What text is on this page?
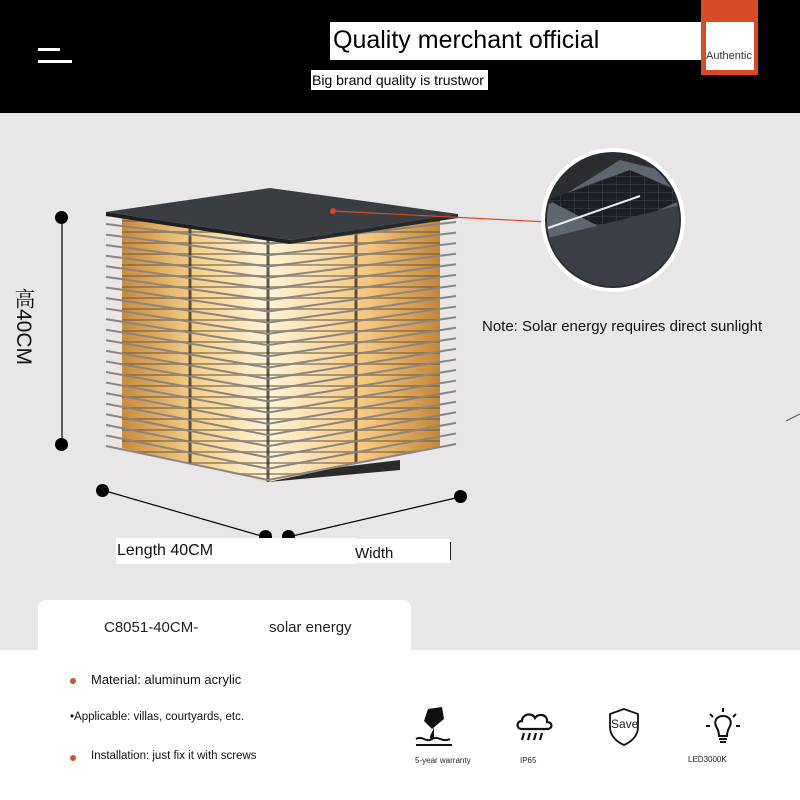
Quality merchant official
Big brand quality is trustwor
Authentic
高40CM
Length 40CM	Width
Note: Solar energy requires direct sunlight
C8051-40CM-	solar energy
Material: aluminum acrylic
•Applicable: villas, courtyards, etc.
Installation: just fix it with screws	5-year warranty	IP65
Save
LED3000K
